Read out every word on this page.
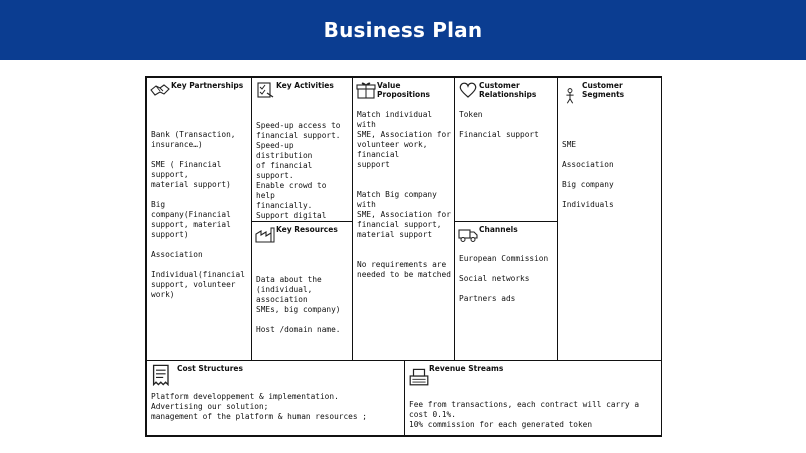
Business Plan
Key Partnerships

Bank (Transaction,
insurance…)

SME ( Financial support,
material support)

Big company(Financial
support, material
support)

Association

Individual(financial
support, volunteer work)

Key Activities

Speed-up access to
financial support.
Speed-up distribution
of financial support.
Enable crowd to help
financially.
Support digital

Key Resources

Data about the
(individual, association
SMEs, big company)

Host /domain name.

Value Propositions

Match individual with
SME, Association for
volunteer work, financial
support

Match Big company with
SME, Association for
financial support,
material support

No requirements are
needed to be matched

Customer
Relationships

Token

Financial support

Channels

European Commission

Social networks

Partners ads

Customer Segments

SME

Association

Big company

Individuals

Cost Structures

Platform developpement & implementation.
Advertising our solution;
management of the platform & human resources ;

Revenue Streams

Fee from transactions, each contract will carry a cost 0.1%.
10% commission for each generated token
